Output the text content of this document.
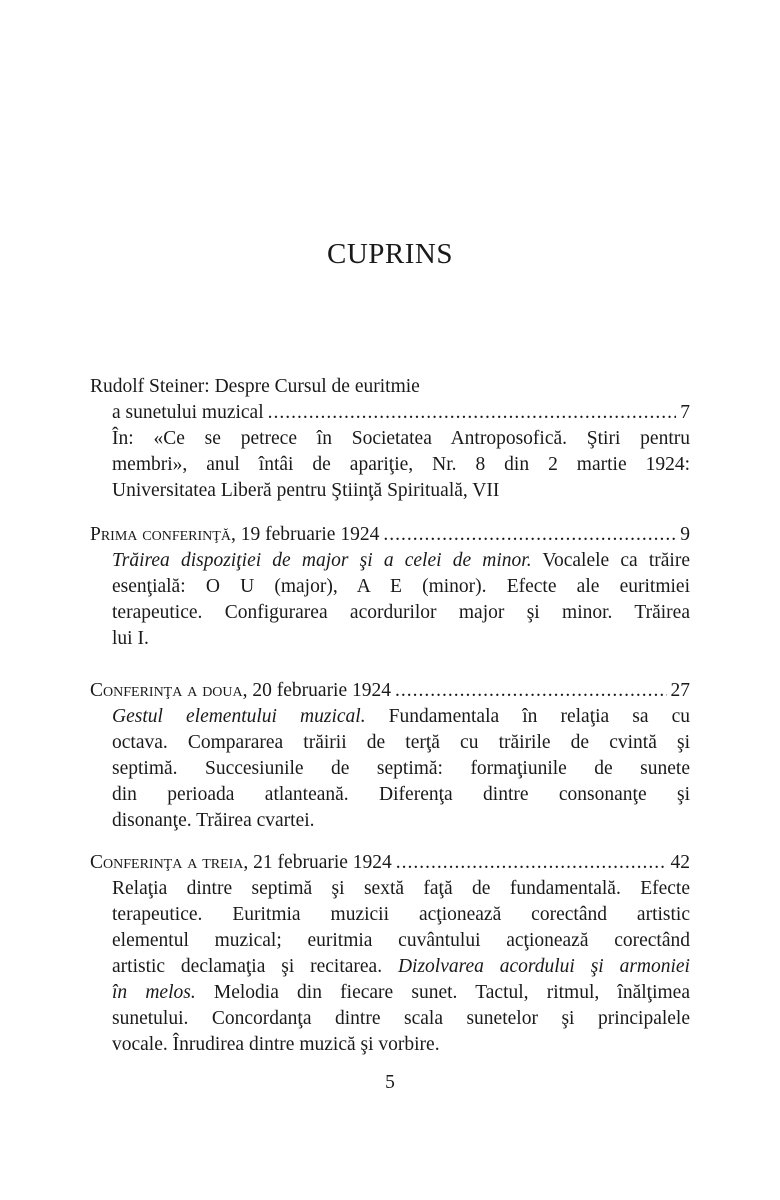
CUPRINS
Rudolf Steiner: Despre Cursul de euritmie
a sunetului muzical .....	7
În: «Ce se petrece în Societatea Antroposofică. Ştiri pentru
membri», anul întâi de apariţie, Nr. 8 din 2 martie 1924:
Universitatea Liberă pentru Ştiinţă Spirituală, VII
Prima conferinţă , 19 februarie 1924 .....	9
Trăirea dispoziţiei de major şi a celei de minor. Vocalele ca trăire
esenţială: O U (major), A E (minor). Efecte ale euritmiei
terapeutice. Configurarea acordurilor major şi minor. Trăirea
lui I.
Conferinţa a doua , 20 februarie 1924 .....	27
Gestul elementului muzical. Fundamentala în relaţia sa cu
octava. Compararea trăirii de terţă cu trăirile de cvintă şi
septimă. Succesiunile de septimă: formaţiunile de sunete
din perioada atlanteană. Diferenţa dintre consonanţe şi
disonanţe. Trăirea cvartei.
Conferinţa a treia , 21 februarie 1924 .....	42
Relaţia dintre septimă şi sextă faţă de fundamentală. Efecte
terapeutice. Euritmia muzicii acţionează corectând artistic
elementul muzical; euritmia cuvântului acţionează corectând
artistic declamaţia şi recitarea. Dizolvarea acordului şi armoniei
în melos. Melodia din fiecare sunet. Tactul, ritmul, înălţimea
sunetului. Concordanţa dintre scala sunetelor şi principalele
vocale. Înrudirea dintre muzică şi vorbire.
5
